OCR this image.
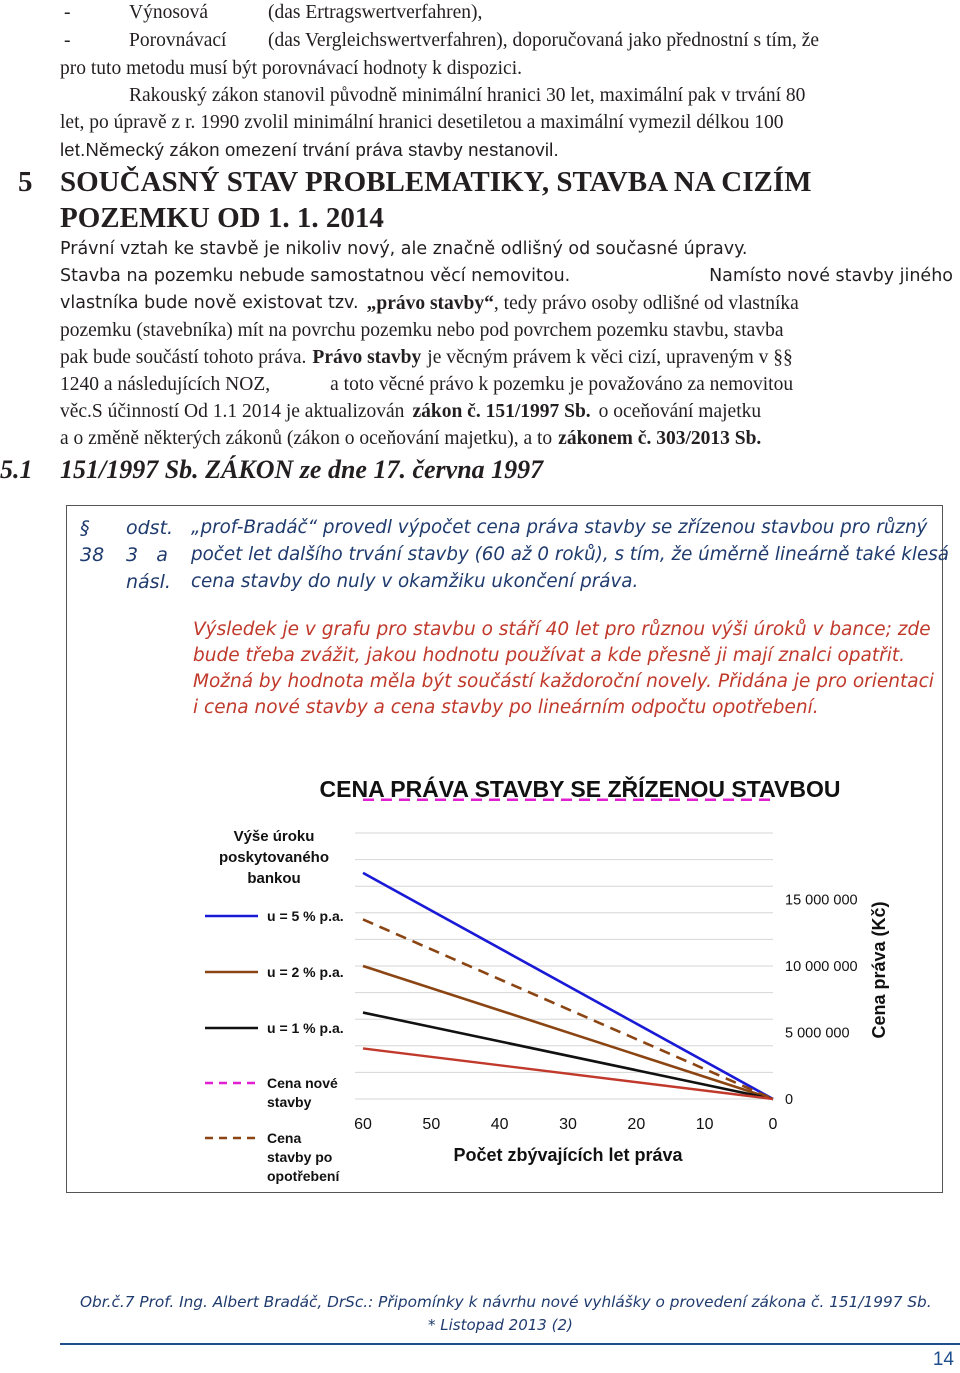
-	Výnosová	(das Ertragswertverfahren),
-	Porovnávací (das Vergleichswertverfahren), doporučovaná jako přednostní s tím, že
pro tuto metodu musí být porovnávací hodnoty k dispozici.
Rakouský zákon stanovil původně minimální hranici 30 let, maximální pak v trvání 80
let, po úpravě z r. 1990 zvolil minimální hranici desetiletou a maximální vymezil délkou 100
let.Německý zákon omezení trvání práva stavby nestanovil.
5 SOUČASNÝ STAV PROBLEMATIKY, STAVBA NA CIZÍM
POZEMKU OD 1. 1. 2014
Právní vztah ke stavbě je nikoliv nový, ale značně odlišný od současné úpravy.
Stavba na pozemku nebude samostatnou věcí nemovitou.	Namísto nové stavby jiného
vlastníka bude nově existovat tzv. „právo stavby“ , tedy právo osoby odlišné od vlastníka
pozemku (stavebníka) mít na povrchu pozemku nebo pod povrchem pozemku stavbu, stavba
pak bude součástí tohoto práva. Právo stavby je věcným právem k věci cizí, upraveným v §§
1240 a následujících NOZ,	a toto věcné právo k pozemku je považováno za nemovitou
věc.S účinností Od 1.1 2014 je aktualizován zákon č. 151/1997 Sb. o oceňování majetku
a o změně některých zákonů (zákon o oceňování majetku), a to zákonem č. 303/2013 Sb.
5.1 151/1997 Sb. ZÁKON ze dne 17. června 1997
§
38
odst.
3   a
násl.
„prof-Bradáč“ provedl výpočet cena práva stavby se zřízenou stavbou pro různý
počet let dalšího trvání stavby (60 až 0 roků), s tím, že úměrně lineárně také klesá
cena stavby do nuly v okamžiku ukončení práva.
Výsledek je v grafu pro stavbu o stáří 40 let pro různou výši úroků v bance; zde
bude třeba zvážit, jakou hodnotu používat a kde přesně ji mají znalci opatřit.
Možná by hodnota měla být součástí každoroční novely. Přidána je pro orientaci
i cena nové stavby a cena stavby po lineárním odpočtu opotřebení.
CENA PRÁVA STAVBY SE ZŘÍZENOU STAVBOU
Cena práva (Kč)
Počet zbývajících let práva
Výše úroku poskytovaného bankou
u = 5 % p.a.
u = 2 % p.a.
u = 1 % p.a.
Cena nové stavby
Cena stavby po opotřebení
0
5 000 000
10 000 000
15 000 000
60	50	40	30	20	10	0
Obr.č.7 Prof. Ing. Albert Bradáč, DrSc.: Připomínky k návrhu nové vyhlášky o provedení zákona č. 151/1997 Sb.
* Listopad 2013 (2)
14
